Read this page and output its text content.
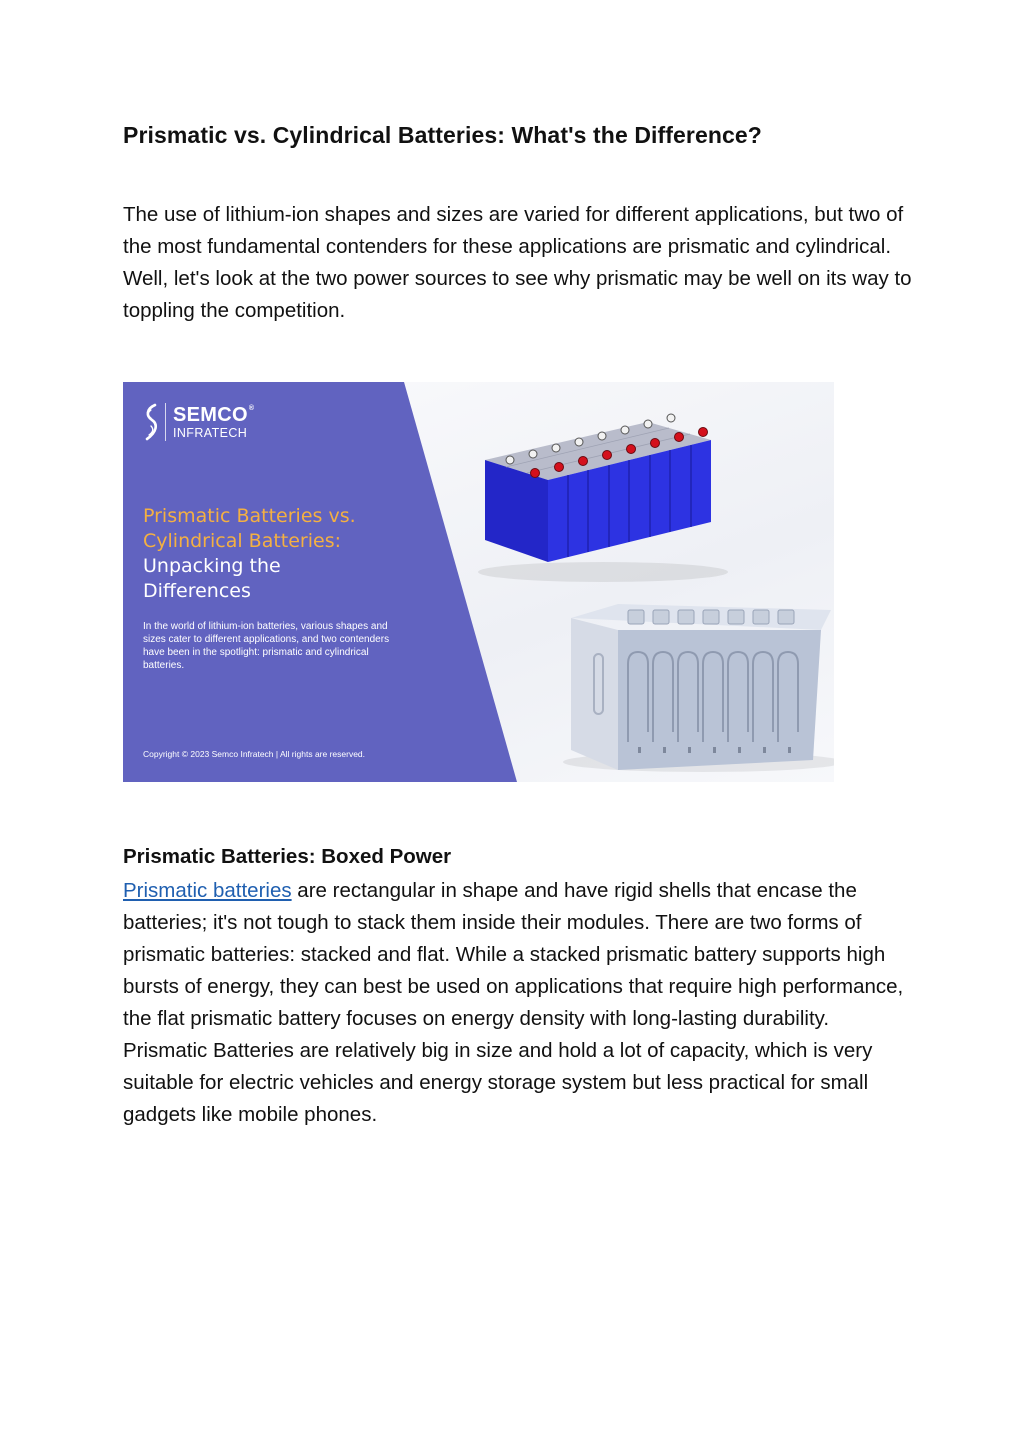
Prismatic vs. Cylindrical Batteries: What's the Difference?

The use of lithium-ion shapes and sizes are varied for different applications, but two of the most fundamental contenders for these applications are prismatic and cylindrical. Well, let's look at the two power sources to see why prismatic may be well on its way to toppling the competition.

SEMCO®
INFRATECH
Prismatic Batteries vs.
Cylindrical Batteries:
Unpacking the
Differences

In the world of lithium-ion batteries, various shapes and sizes cater to different applications, and two contenders have been in the spotlight: prismatic and cylindrical batteries.

Copyright © 2023 Semco Infratech | All rights are reserved.

Prismatic Batteries: Boxed Power

Prismatic batteries are rectangular in shape and have rigid shells that encase the batteries; it's not tough to stack them inside their modules. There are two forms of prismatic batteries: stacked and flat. While a stacked prismatic battery supports high bursts of energy, they can best be used on applications that require high performance, the flat prismatic battery focuses on energy density with long-lasting durability. Prismatic Batteries are relatively big in size and hold a lot of capacity, which is very suitable for electric vehicles and energy storage system but less practical for small gadgets like mobile phones.
